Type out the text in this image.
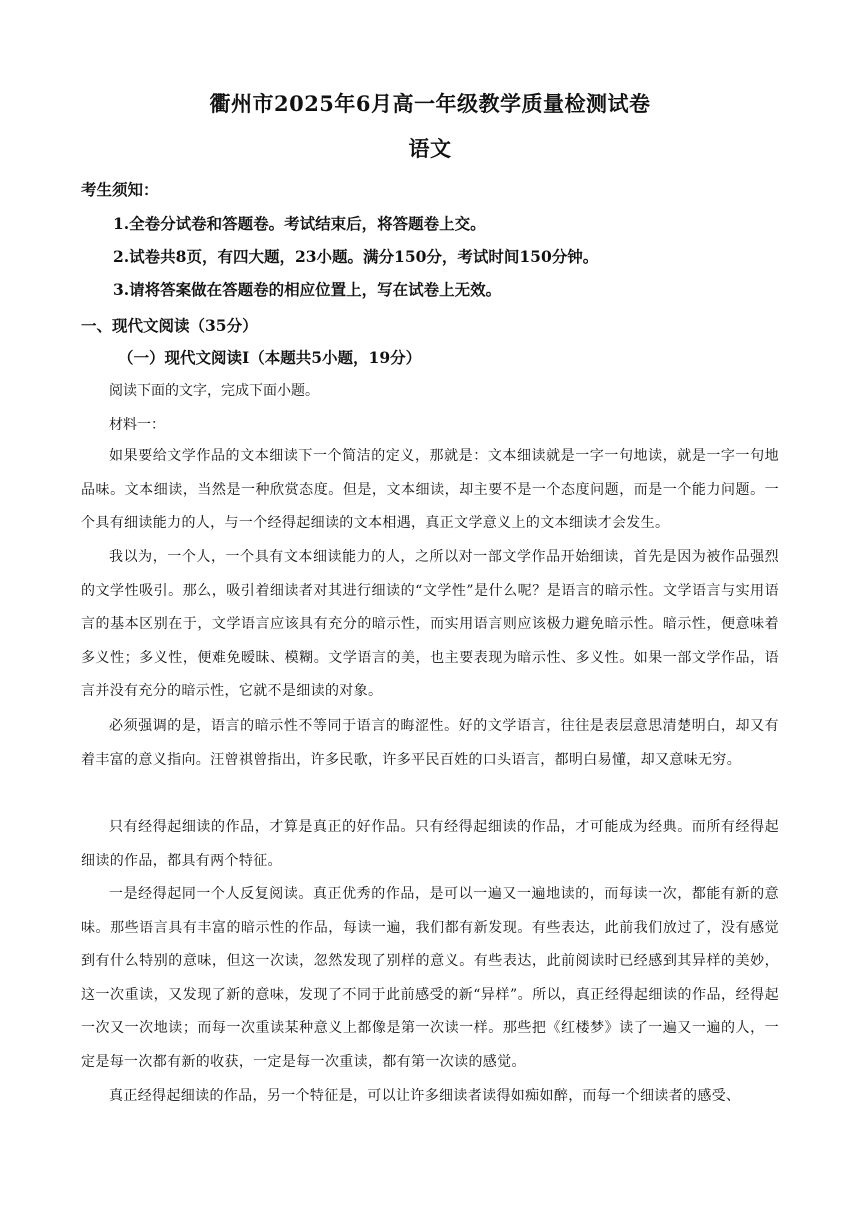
衢州市2025年6月高一年级教学质量检测试卷
语文
考生须知：
1.全卷分试卷和答题卷。考试结束后，将答题卷上交。
2.试卷共8页，有四大题，23小题。满分150分，考试时间150分钟。
3.请将答案做在答题卷的相应位置上，写在试卷上无效。
一、现代文阅读（35分）
（一）现代文阅读Ⅰ（本题共5小题，19分）
阅读下面的文字，完成下面小题。
材料一：

如果要给文学作品的文本细读下一个简洁的定义，那就是：文本细读就是一字一句地读，就是一字一句地品味。文本细读，当然是一种欣赏态度。但是，文本细读，却主要不是一个态度问题，而是一个能力问题。一个具有细读能力的人，与一个经得起细读的文本相遇，真正文学意义上的文本细读才会发生。

我以为，一个人，一个具有文本细读能力的人，之所以对一部文学作品开始细读，首先是因为被作品强烈的文学性吸引。那么，吸引着细读者对其进行细读的“文学性”是什么呢？是语言的暗示性。文学语言与实用语言的基本区别在于，文学语言应该具有充分的暗示性，而实用语言则应该极力避免暗示性。暗示性，便意味着多义性；多义性，便难免暧昧、模糊。文学语言的美，也主要表现为暗示性、多义性。如果一部文学作品，语言并没有充分的暗示性，它就不是细读的对象。

必须强调的是，语言的暗示性不等同于语言的晦涩性。好的文学语言，往往是表层意思清楚明白，却又有着丰富的意义指向。汪曾祺曾指出，许多民歌，许多平民百姓的口头语言，都明白易懂，却又意味无穷。

只有经得起细读的作品，才算是真正的好作品。只有经得起细读的作品，才可能成为经典。而所有经得起细读的作品，都具有两个特征。

一是经得起同一个人反复阅读。真正优秀的作品，是可以一遍又一遍地读的，而每读一次，都能有新的意味。那些语言具有丰富的暗示性的作品，每读一遍，我们都有新发现。有些表达，此前我们放过了，没有感觉到有什么特别的意味，但这一次读，忽然发现了别样的意义。有些表达，此前阅读时已经感到其异样的美妙，这一次重读，又发现了新的意味，发现了不同于此前感受的新“异样”。所以，真正经得起细读的作品，经得起一次又一次地读；而每一次重读某种意义上都像是第一次读一样。那些把《红楼梦》读了一遍又一遍的人，一定是每一次都有新的收获，一定是每一次重读，都有第一次读的感觉。

真正经得起细读的作品，另一个特征是，可以让许多细读者读得如痴如醉，而每一个细读者的感受、
